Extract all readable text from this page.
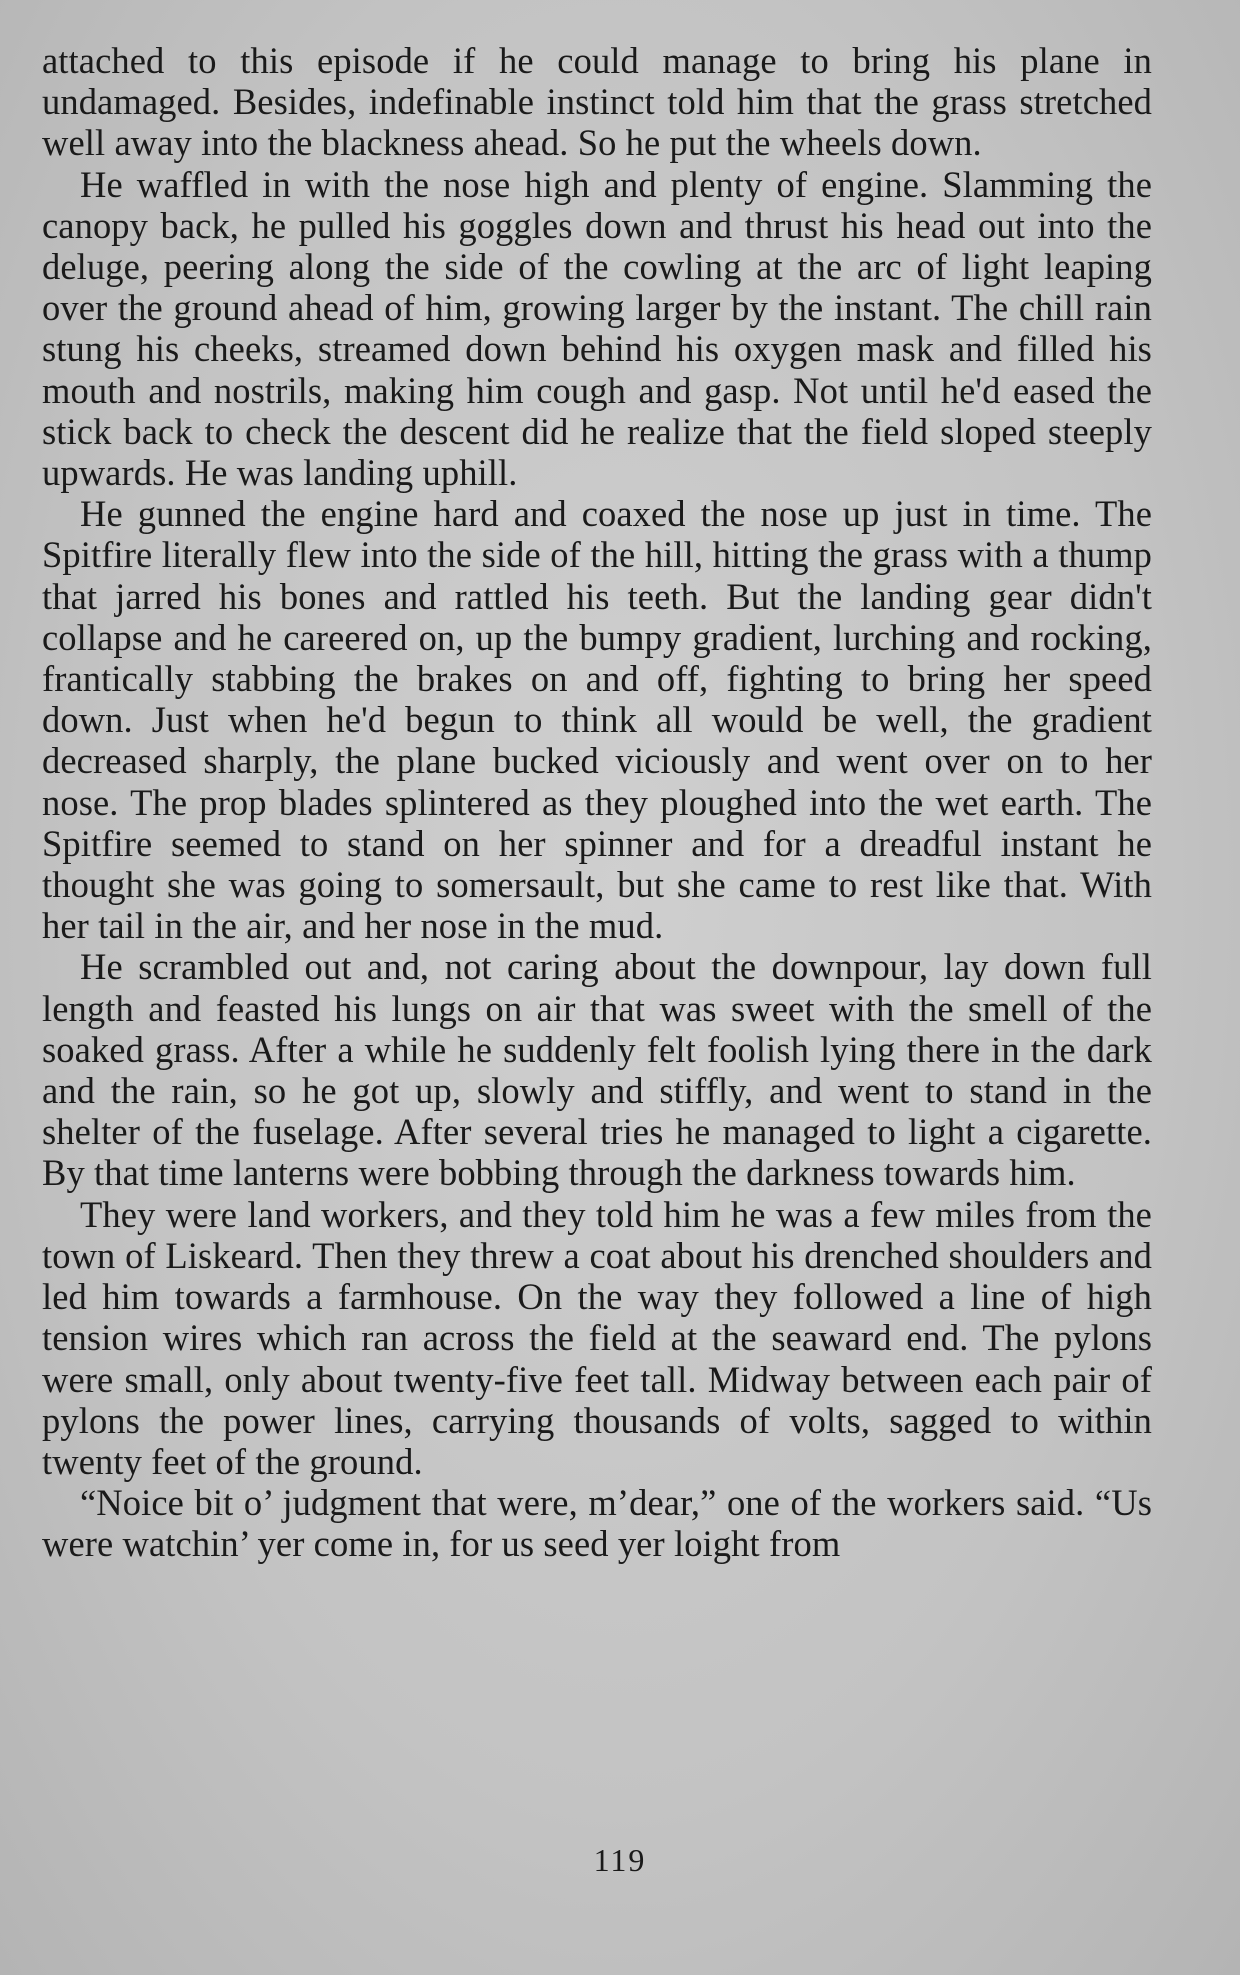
attached to this episode if he could manage to bring his plane in undamaged. Besides, indefinable instinct told him that the grass stretched well away into the blackness ahead. So he put the wheels down.

He waffled in with the nose high and plenty of engine. Slamming the canopy back, he pulled his goggles down and thrust his head out into the deluge, peering along the side of the cowling at the arc of light leaping over the ground ahead of him, growing larger by the instant. The chill rain stung his cheeks, streamed down behind his oxygen mask and filled his mouth and nostrils, making him cough and gasp. Not until he'd eased the stick back to check the descent did he realize that the field sloped steeply upwards. He was landing uphill.

He gunned the engine hard and coaxed the nose up just in time. The Spitfire literally flew into the side of the hill, hitting the grass with a thump that jarred his bones and rattled his teeth. But the landing gear didn't collapse and he careered on, up the bumpy gradient, lurching and rocking, frantically stabbing the brakes on and off, fighting to bring her speed down. Just when he'd begun to think all would be well, the gradient decreased sharply, the plane bucked viciously and went over on to her nose. The prop blades splintered as they ploughed into the wet earth. The Spitfire seemed to stand on her spinner and for a dreadful instant he thought she was going to somersault, but she came to rest like that. With her tail in the air, and her nose in the mud.

He scrambled out and, not caring about the downpour, lay down full length and feasted his lungs on air that was sweet with the smell of the soaked grass. After a while he suddenly felt foolish lying there in the dark and the rain, so he got up, slowly and stiffly, and went to stand in the shelter of the fuselage. After several tries he managed to light a cigarette. By that time lanterns were bobbing through the darkness towards him.

They were land workers, and they told him he was a few miles from the town of Liskeard. Then they threw a coat about his drenched shoulders and led him towards a farmhouse. On the way they followed a line of high tension wires which ran across the field at the seaward end. The pylons were small, only about twenty-five feet tall. Midway between each pair of pylons the power lines, carrying thousands of volts, sagged to within twenty feet of the ground.

“Noice bit o’ judgment that were, m’dear,” one of the workers said. “Us were watchin’ yer come in, for us seed yer loight from

119
